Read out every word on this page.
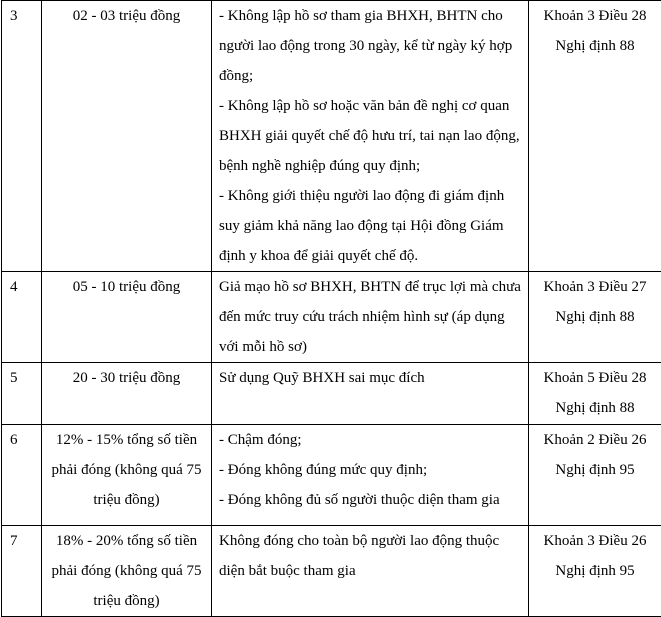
3	02 - 03 triệu đồng	- Không lập hồ sơ tham gia BHXH, BHTN cho người lao động trong 30 ngày, kể từ ngày ký hợp đồng;
- Không lập hồ sơ hoặc văn bản đề nghị cơ quan BHXH giải quyết chế độ hưu trí, tai nạn lao động, bệnh nghề nghiệp đúng quy định;
- Không giới thiệu người lao động đi giám định suy giảm khả năng lao động tại Hội đồng Giám định y khoa để giải quyết chế độ.	Khoản 3 Điều 28 Nghị định 88
4	05 - 10 triệu đồng	Giả mạo hồ sơ BHXH, BHTN để trục lợi mà chưa đến mức truy cứu trách nhiệm hình sự (áp dụng với mỗi hồ sơ)	Khoản 3 Điều 27 Nghị định 88
5	20 - 30 triệu đồng	Sử dụng Quỹ BHXH sai mục đích	Khoản 5 Điều 28 Nghị định 88
6	12% - 15% tổng số tiền phải đóng (không quá 75 triệu đồng)	- Chậm đóng;
- Đóng không đúng mức quy định;
- Đóng không đủ số người thuộc diện tham gia	Khoản 2 Điều 26 Nghị định 95
7	18% - 20% tổng số tiền phải đóng (không quá 75 triệu đồng)	Không đóng cho toàn bộ người lao động thuộc diện bắt buộc tham gia	Khoản 3 Điều 26 Nghị định 95
